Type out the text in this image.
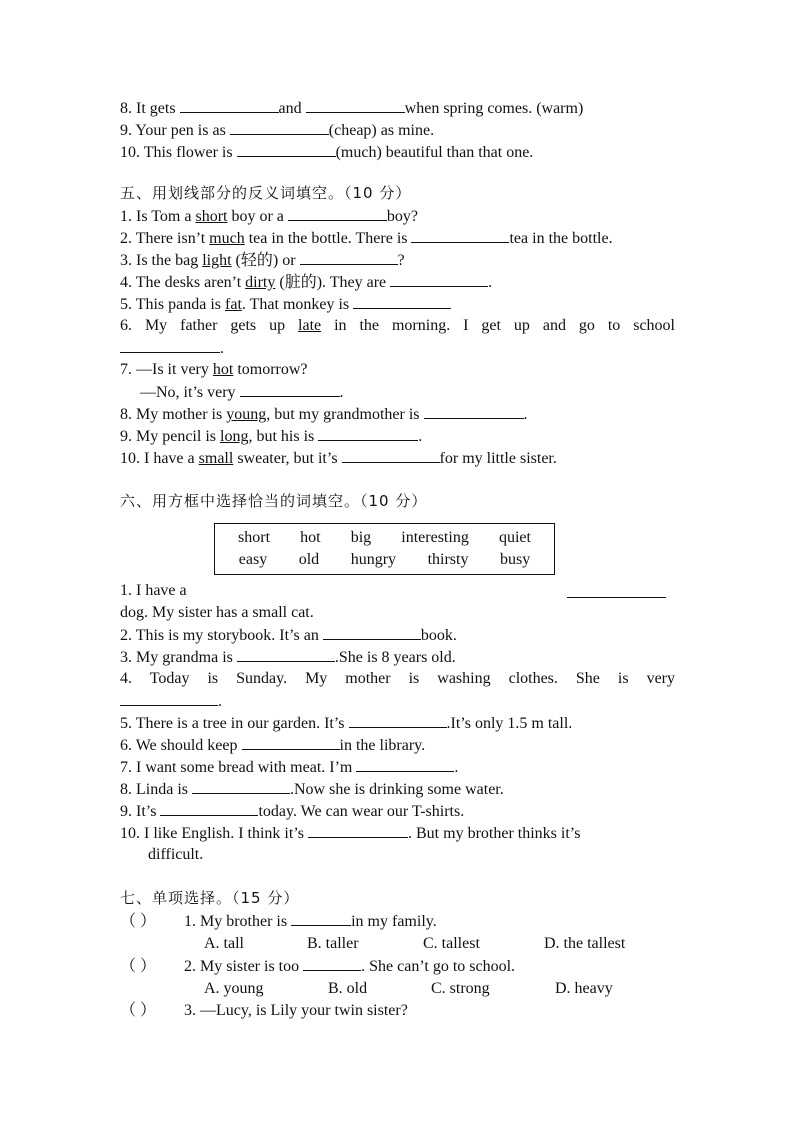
8. It gets	and	when spring comes. (warm)
9. Your pen is as	(cheap) as mine.
10. This flower is	(much) beautiful than that one.
五、用划线部分的反义词填空。（10 分）
1. Is Tom a short boy or a	boy?
2. There isn’t much tea in the bottle. There is	tea in the bottle.
3. Is the bag light (轻的) or	?
4. The desks aren’t dirty (脏的). They are	.
5. This panda is fat. That monkey is
6. My father gets up late in the morning. I get up and go to school
.
7. —Is it very hot tomorrow?
—No, it’s very	.
8. My mother is young, but my grandmother is	.
9. My pencil is long, but his is	.
10. I have a small sweater, but it’s	for my little sister.
六、用方框中选择恰当的词填空。（10 分）
short hot big interesting quiet
easy old hungry thirsty busy
1. I have a
dog. My sister has a small cat.
2. This is my storybook. It’s an	book.
3. My grandma is	.She is 8 years old.
4. Today is Sunday. My mother is washing clothes. She is very
.
5. There is a tree in our garden. It’s	.It’s only 1.5 m tall.
6. We should keep	in the library.
7. I want some bread with meat. I’m	.
8. Linda is	.Now she is drinking some water.
9. It’s	today. We can wear our T-shirts.
10. I like English. I think it’s	. But my brother thinks it’s
difficult.
七、单项选择。（15 分）
（ ） 1. My brother is	in my family.
A. tall	B. taller	C. tallest	D. the tallest
（ ） 2. My sister is too	. She can’t go to school.
A. young	B. old	C. strong	D. heavy
（ ） 3. —Lucy, is Lily your twin sister?
